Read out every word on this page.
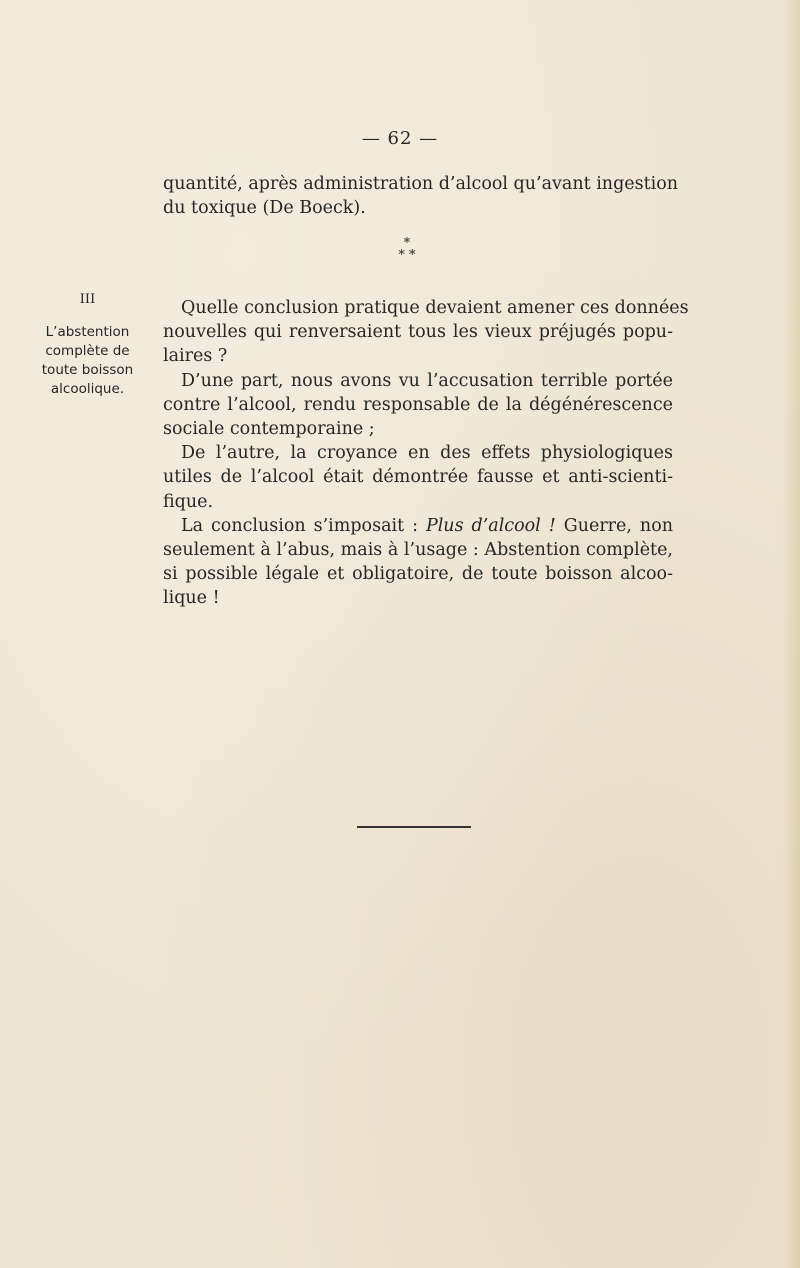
— 62 —
quantité, après administration d’alcool qu’avant ingestion
du toxique (De Boeck).
*
* *
III
L’abstention
complète de
toute boisson
alcoolique.
Quelle conclusion pratique devaient amener ces données
nouvelles qui renversaient tous les vieux préjugés popu-
laires ?
D’une part, nous avons vu l’accusation terrible portée
contre l’alcool, rendu responsable de la dégénérescence
sociale contemporaine ;
De l’autre, la croyance en des effets physiologiques
utiles de l’alcool était démontrée fausse et anti-scienti-
fique.
La conclusion s’imposait : Plus d’alcool ! Guerre, non
seulement à l’abus, mais à l’usage : Abstention complète,
si possible légale et obligatoire, de toute boisson alcoo-
lique !
